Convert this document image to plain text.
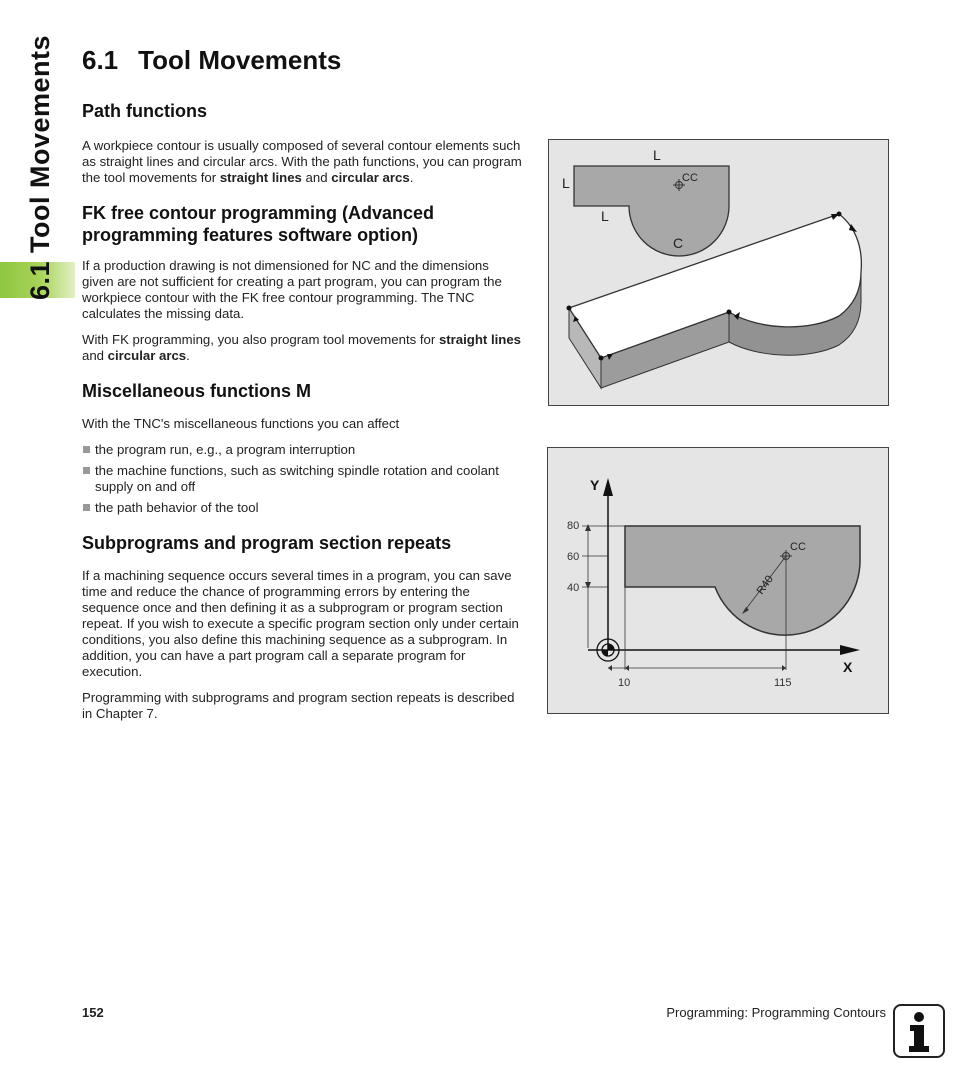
6.1 Tool Movements 6.1 Tool Movements
Path functions

A workpiece contour is usually composed of several contour elements such as straight lines and circular arcs. With the path functions, you can program the tool movements for straight lines and circular arcs.

FK free contour programming (Advanced programming features software option)

If a production drawing is not dimensioned for NC and the dimensions given are not sufficient for creating a part program, you can program the workpiece contour with the FK free contour programming. The TNC calculates the missing data.

With FK programming, you also program tool movements for straight lines and circular arcs.

Miscellaneous functions M

With the TNC's miscellaneous functions you can affect

the program run, e.g., a program interruption
the machine functions, such as switching spindle rotation and coolant supply on and off
the path behavior of the tool
Subprograms and program section repeats

If a machining sequence occurs several times in a program, you can save time and reduce the chance of programming errors by entering the sequence once and then defining it as a subprogram or program section repeat. If you wish to execute a specific program section only under certain conditions, you also define this machining sequence as a subprogram. In addition, you can have a part program call a separate program for execution.

Programming with subprograms and program section repeats is described in Chapter 7.

L
L
L
C
CC
CC
R40
Y
X
80
60
40
10	115
152	Programming: Programming Contours
